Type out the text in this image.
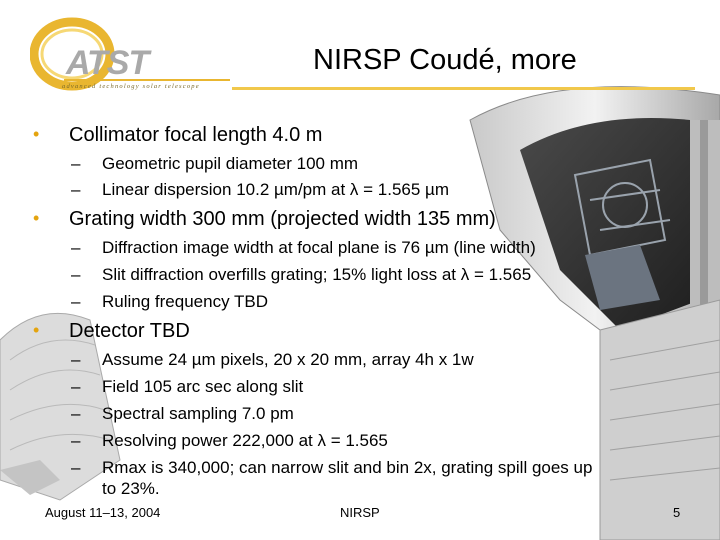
ATST
advanced technology solar telescope
NIRSP Coudé, more
• Collimator focal length 4.0 m
– Geometric pupil diameter 100 mm
– Linear dispersion 10.2 µm/pm at λ = 1.565 µm
• Grating width 300 mm (projected width 135 mm)
– Diffraction image width at focal plane is 76 µm (line width)
– Slit diffraction overfills grating; 15% light loss at λ = 1.565
– Ruling frequency TBD
• Detector TBD
– Assume 24 µm pixels, 20 x 20 mm, array 4h x 1w
– Field 105 arc sec along slit
– Spectral sampling 7.0 pm
– Resolving power 222,000 at λ = 1.565
– Rmax is 340,000; can narrow slit and bin 2x, grating spill goes up
to 23%.
August 11–13, 2004	NIRSP	5
